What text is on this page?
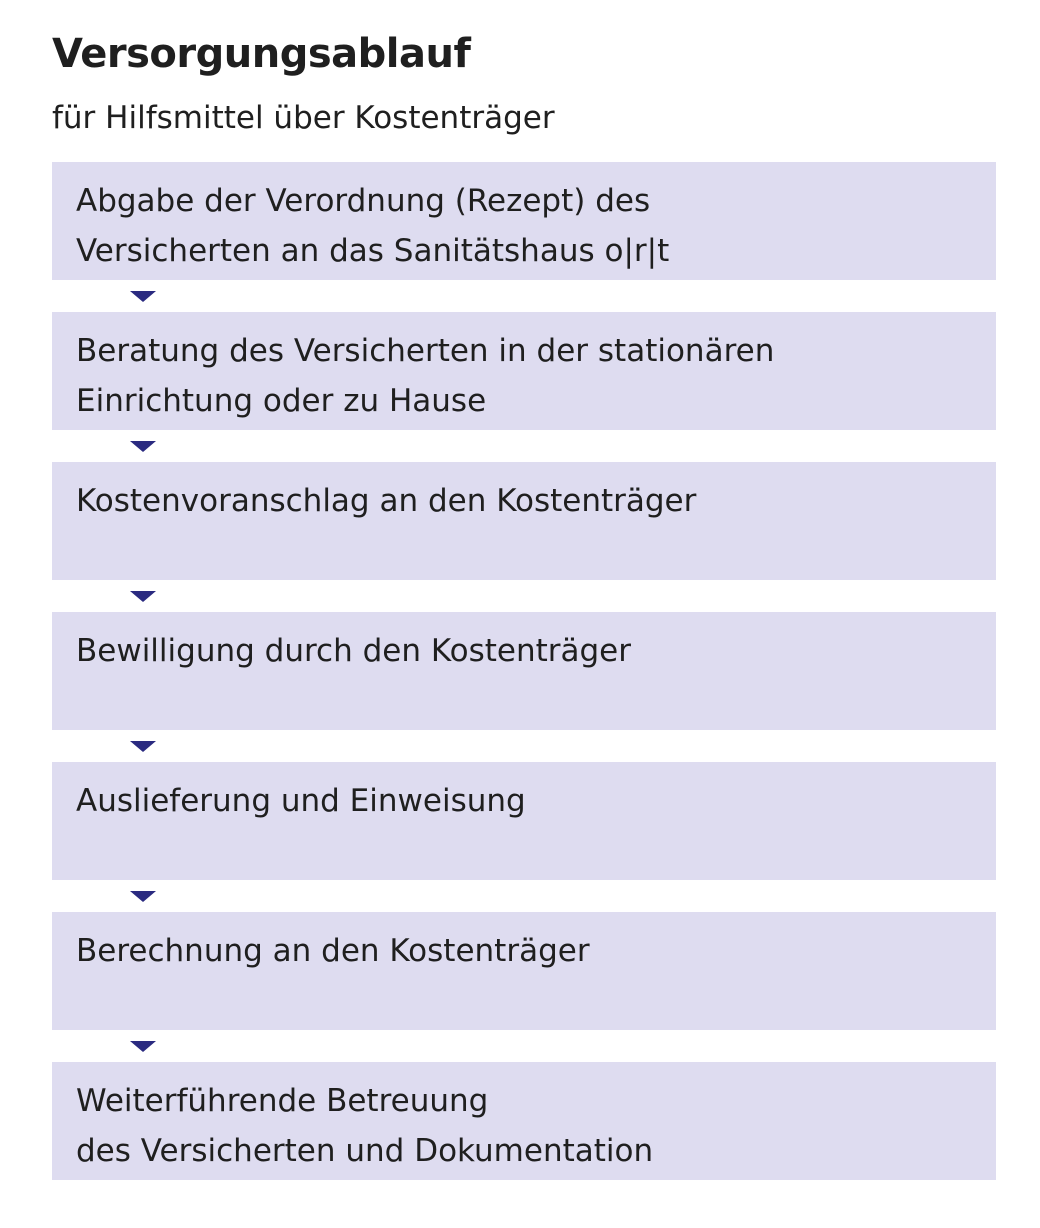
Versorgungsablauf

für Hilfsmittel über Kostenträger

Abgabe der Verordnung (Rezept) des
Versicherten an das Sanitätshaus o|r|t
Beratung des Versicherten in der stationären
Einrichtung oder zu Hause
Kostenvoranschlag an den Kostenträger
Bewilligung durch den Kostenträger
Auslieferung und Einweisung
Berechnung an den Kostenträger
Weiterführende Betreuung
des Versicherten und Dokumentation
